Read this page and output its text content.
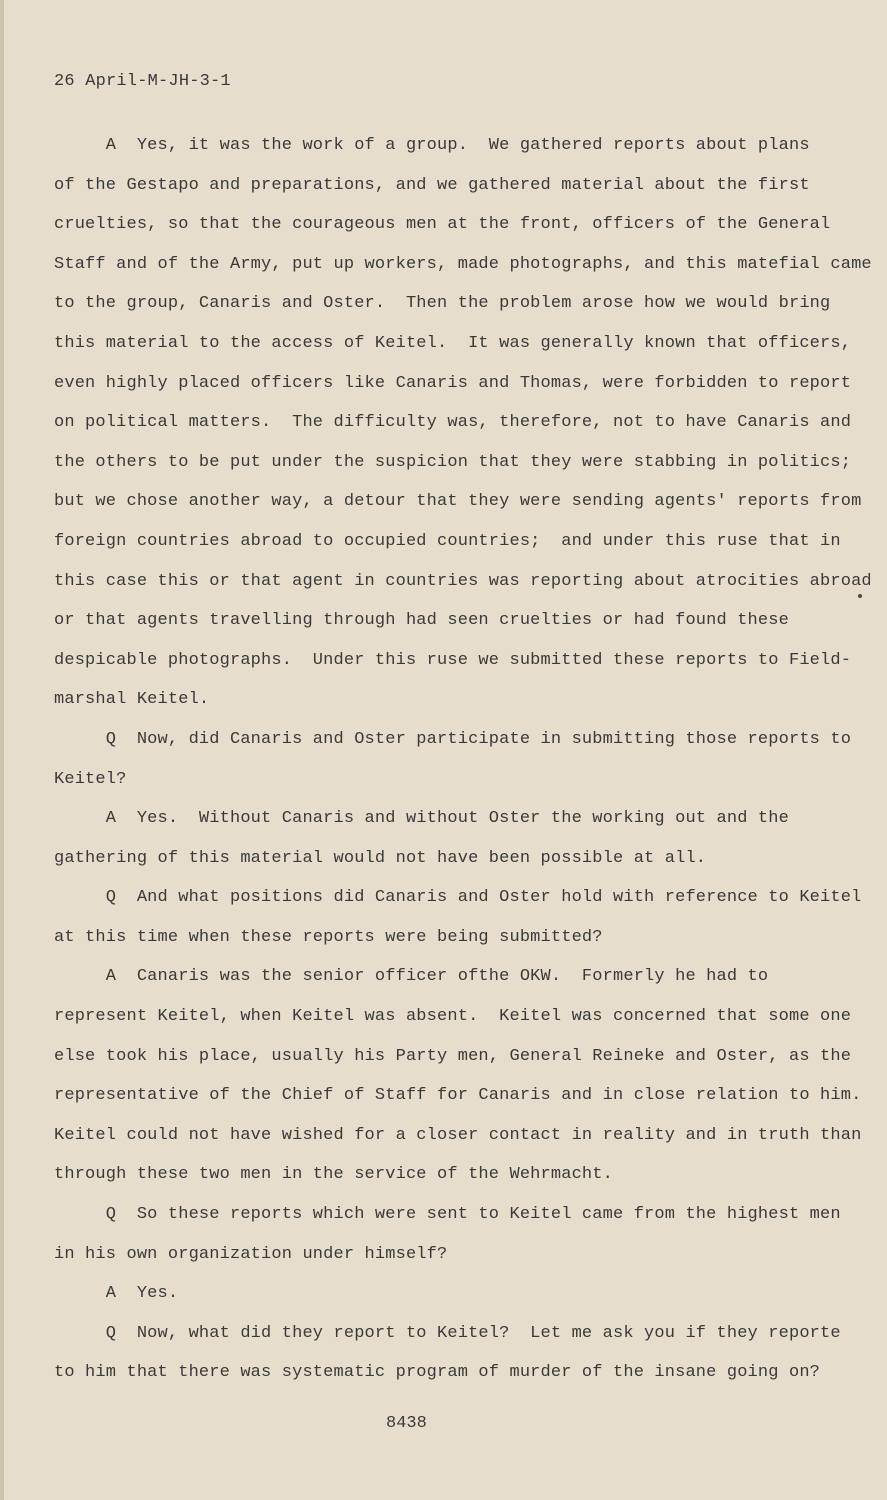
26 April-M-JH-3-1
A  Yes, it was the work of a group.  We gathered reports about plans
of the Gestapo and preparations, and we gathered material about the first
cruelties, so that the courageous men at the front, officers of the General
Staff and of the Army, put up workers, made photographs, and this matefial came
to the group, Canaris and Oster.  Then the problem arose how we would bring
this material to the access of Keitel.  It was generally known that officers,
even highly placed officers like Canaris and Thomas, were forbidden to report
on political matters.  The difficulty was, therefore, not to have Canaris and
the others to be put under the suspicion that they were stabbing in politics;
but we chose another way, a detour that they were sending agents' reports from
foreign countries abroad to occupied countries;  and under this ruse that in
this case this or that agent in countries was reporting about atrocities abroad
or that agents travelling through had seen cruelties or had found these
despicable photographs.  Under this ruse we submitted these reports to Field-
marshal Keitel.
Q  Now, did Canaris and Oster participate in submitting those reports to
Keitel?
A  Yes.  Without Canaris and without Oster the working out and the
gathering of this material would not have been possible at all.
Q  And what positions did Canaris and Oster hold with reference to Keitel
at this time when these reports were being submitted?
A  Canaris was the senior officer ofthe OKW.  Formerly he had to
represent Keitel, when Keitel was absent.  Keitel was concerned that some one
else took his place, usually his Party men, General Reineke and Oster, as the
representative of the Chief of Staff for Canaris and in close relation to him.
Keitel could not have wished for a closer contact in reality and in truth than
through these two men in the service of the Wehrmacht.
Q  So these reports which were sent to Keitel came from the highest men
in his own organization under himself?
A  Yes.
Q  Now, what did they report to Keitel?  Let me ask you if they reporte
to him that there was systematic program of murder of the insane going on?
8438
